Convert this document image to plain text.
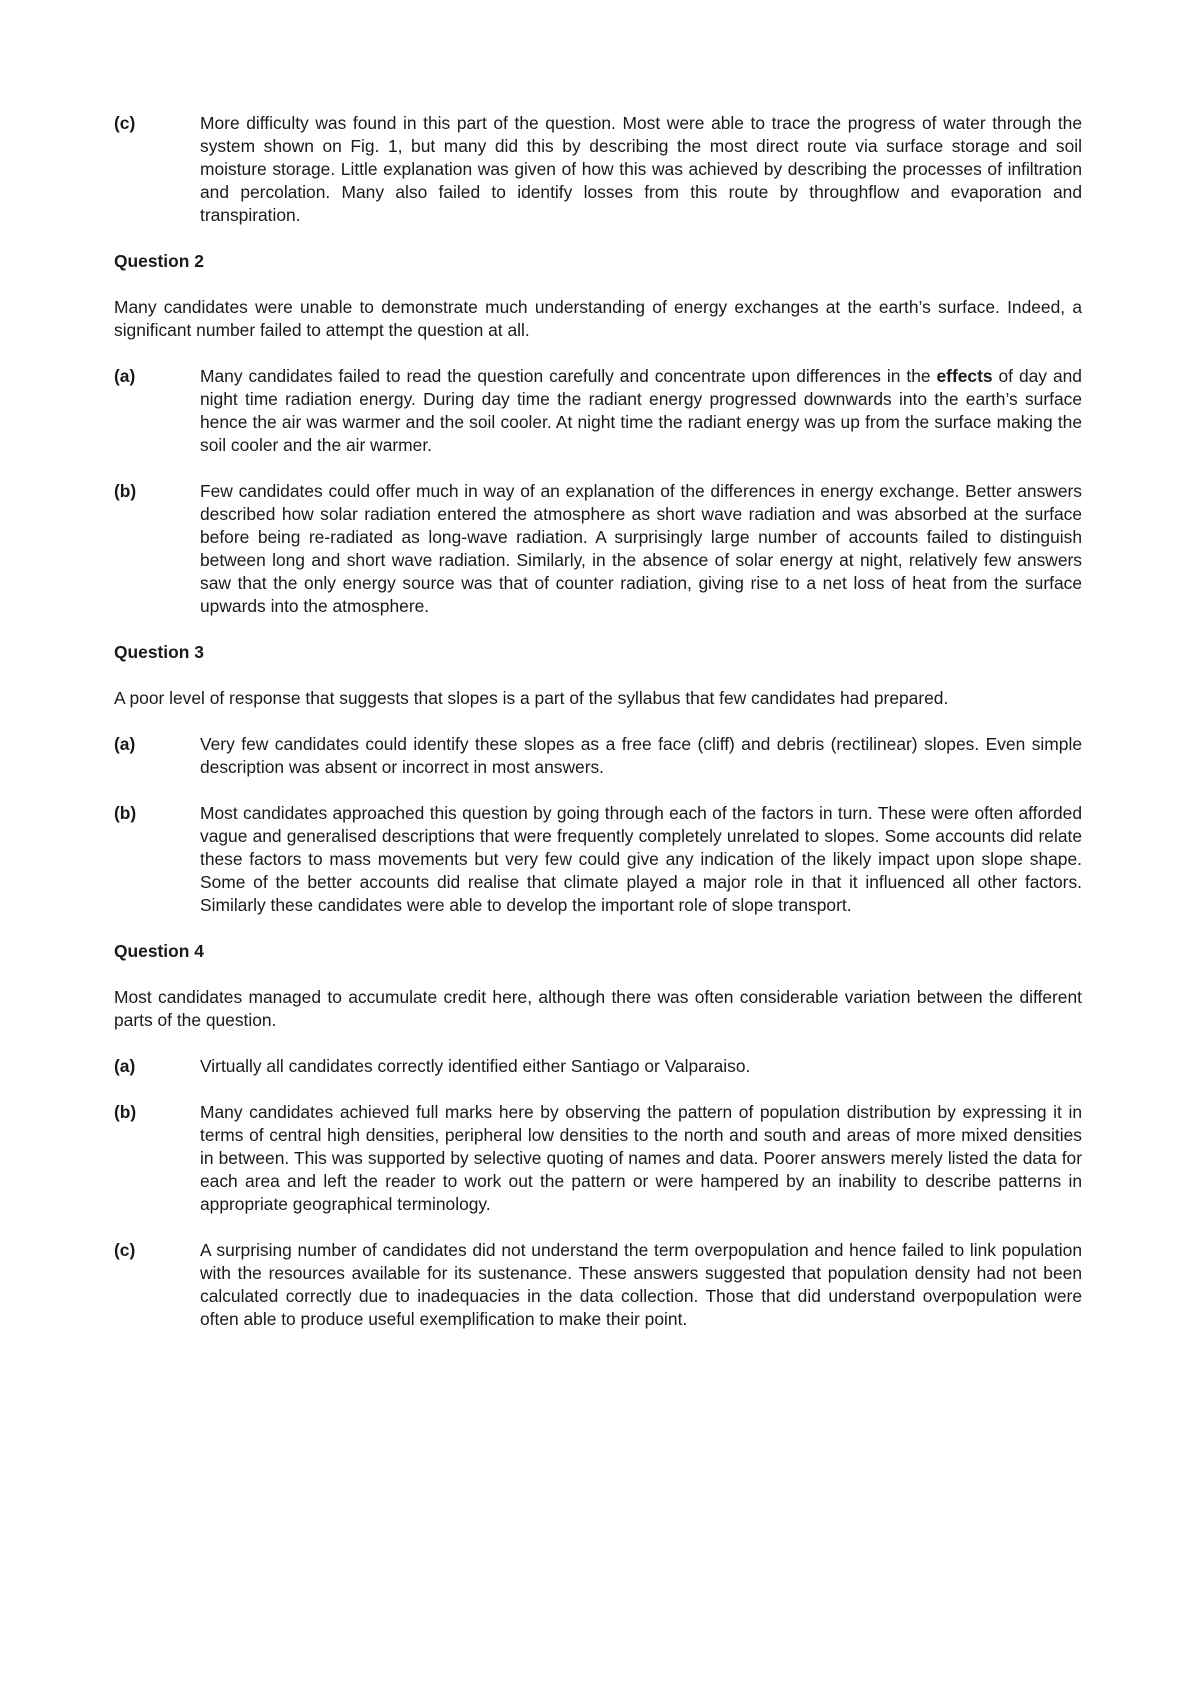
(c)	More difficulty was found in this part of the question. Most were able to trace the progress of water through the system shown on Fig. 1, but many did this by describing the most direct route via surface storage and soil moisture storage. Little explanation was given of how this was achieved by describing the processes of infiltration and percolation. Many also failed to identify losses from this route by throughflow and evaporation and transpiration.
Question 2
Many candidates were unable to demonstrate much understanding of energy exchanges at the earth’s surface. Indeed, a significant number failed to attempt the question at all.
(a)	Many candidates failed to read the question carefully and concentrate upon differences in the effects of day and night time radiation energy. During day time the radiant energy progressed downwards into the earth’s surface hence the air was warmer and the soil cooler. At night time the radiant energy was up from the surface making the soil cooler and the air warmer.
(b)	Few candidates could offer much in way of an explanation of the differences in energy exchange. Better answers described how solar radiation entered the atmosphere as short wave radiation and was absorbed at the surface before being re-radiated as long-wave radiation. A surprisingly large number of accounts failed to distinguish between long and short wave radiation. Similarly, in the absence of solar energy at night, relatively few answers saw that the only energy source was that of counter radiation, giving rise to a net loss of heat from the surface upwards into the atmosphere.
Question 3
A poor level of response that suggests that slopes is a part of the syllabus that few candidates had prepared.
(a)	Very few candidates could identify these slopes as a free face (cliff) and debris (rectilinear) slopes. Even simple description was absent or incorrect in most answers.
(b)	Most candidates approached this question by going through each of the factors in turn. These were often afforded vague and generalised descriptions that were frequently completely unrelated to slopes. Some accounts did relate these factors to mass movements but very few could give any indication of the likely impact upon slope shape. Some of the better accounts did realise that climate played a major role in that it influenced all other factors. Similarly these candidates were able to develop the important role of slope transport.
Question 4
Most candidates managed to accumulate credit here, although there was often considerable variation between the different parts of the question.
(a)	Virtually all candidates correctly identified either Santiago or Valparaiso.
(b)	Many candidates achieved full marks here by observing the pattern of population distribution by expressing it in terms of central high densities, peripheral low densities to the north and south and areas of more mixed densities in between. This was supported by selective quoting of names and data. Poorer answers merely listed the data for each area and left the reader to work out the pattern or were hampered by an inability to describe patterns in appropriate geographical terminology.
(c)	A surprising number of candidates did not understand the term overpopulation and hence failed to link population with the resources available for its sustenance. These answers suggested that population density had not been calculated correctly due to inadequacies in the data collection. Those that did understand overpopulation were often able to produce useful exemplification to make their point.
